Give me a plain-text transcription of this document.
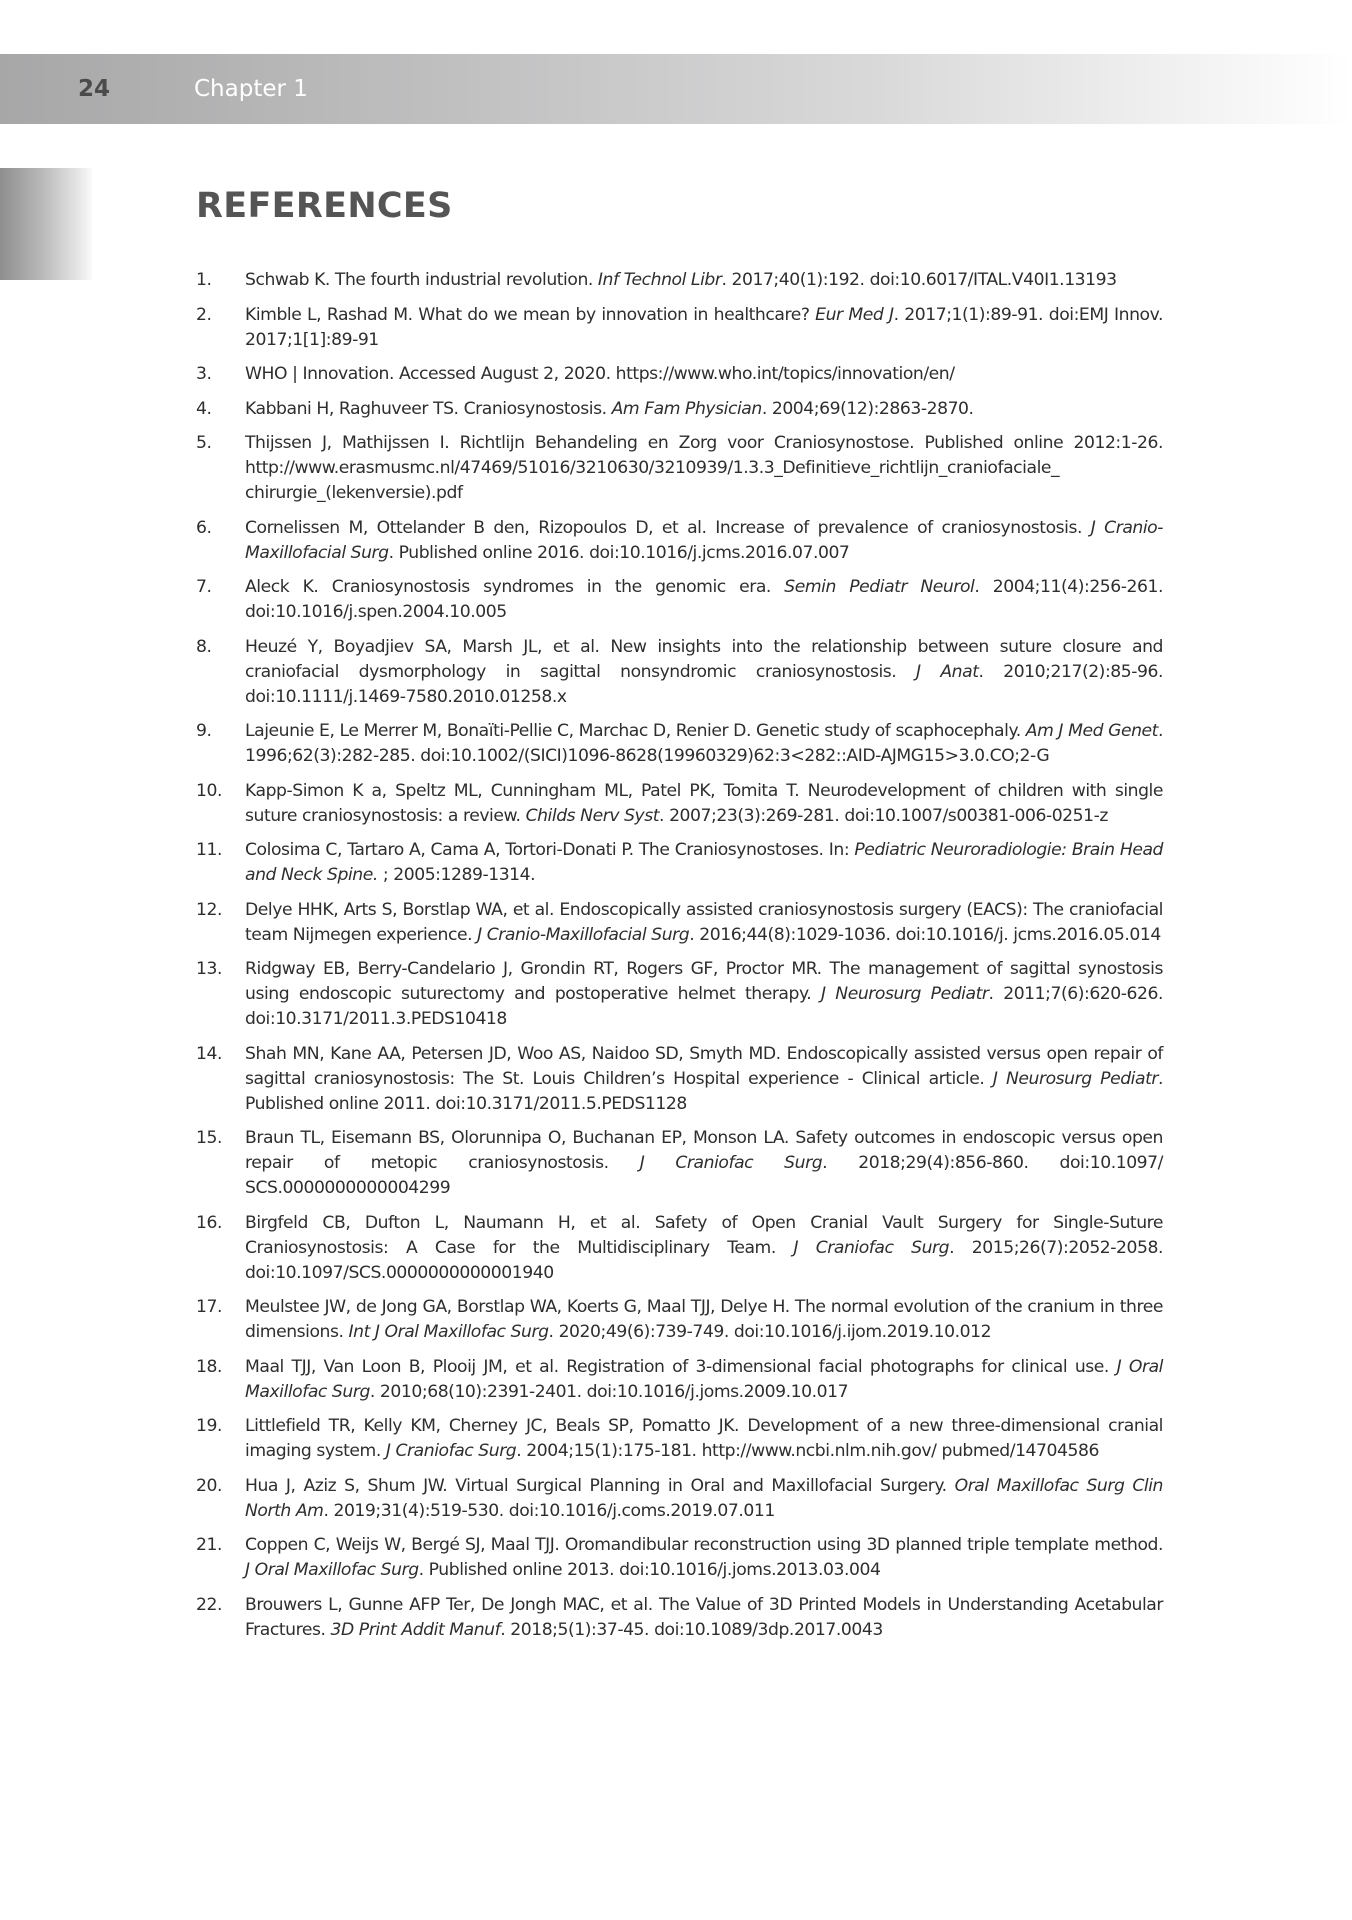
24	Chapter 1
REFERENCES
1. Schwab K. The fourth industrial revolution. Inf Technol Libr. 2017;40(1):192. doi:10.6017/ITAL.V40I1.13193
2. Kimble L, Rashad M. What do we mean by innovation in healthcare? Eur Med J. 2017;1(1):89-91. doi:EMJ Innov. 2017;1[1]:89-91
3. WHO | Innovation. Accessed August 2, 2020. https://www.who.int/topics/innovation/en/
4. Kabbani H, Raghuveer TS. Craniosynostosis. Am Fam Physician. 2004;69(12):2863-2870.
5. Thijssen J, Mathijssen I. Richtlijn Behandeling en Zorg voor Craniosynostose. Published online 2012:1-26. http://www.erasmusmc.nl/47469/51016/3210630/3210939/1.3.3_Definitieve_richtlijn_craniofaciale_ chirurgie_(lekenversie).pdf
6. Cornelissen M, Ottelander B den, Rizopoulos D, et al. Increase of prevalence of craniosynostosis. J Cranio-Maxillofacial Surg. Published online 2016. doi:10.1016/j.jcms.2016.07.007
7. Aleck K. Craniosynostosis syndromes in the genomic era. Semin Pediatr Neurol. 2004;11(4):256-261. doi:10.1016/j.spen.2004.10.005
8. Heuzé Y, Boyadjiev SA, Marsh JL, et al. New insights into the relationship between suture closure and craniofacial dysmorphology in sagittal nonsyndromic craniosynostosis. J Anat. 2010;217(2):85-96. doi:10.1111/j.1469-7580.2010.01258.x
9. Lajeunie E, Le Merrer M, Bonaïti-Pellie C, Marchac D, Renier D. Genetic study of scaphocephaly. Am J Med Genet. 1996;62(3):282-285. doi:10.1002/(SICI)1096-8628(19960329)62:3<282::AID-AJMG15>3.0.CO;2-G
10. Kapp-Simon K a, Speltz ML, Cunningham ML, Patel PK, Tomita T. Neurodevelopment of children with single suture craniosynostosis: a review. Childs Nerv Syst. 2007;23(3):269-281. doi:10.1007/s00381-006-0251-z
11. Colosima C, Tartaro A, Cama A, Tortori-Donati P. The Craniosynostoses. In: Pediatric Neuroradiologie: Brain Head and Neck Spine. ; 2005:1289-1314.
12. Delye HHK, Arts S, Borstlap WA, et al. Endoscopically assisted craniosynostosis surgery (EACS): The craniofacial team Nijmegen experience. J Cranio-Maxillofacial Surg. 2016;44(8):1029-1036. doi:10.1016/j. jcms.2016.05.014
13. Ridgway EB, Berry-Candelario J, Grondin RT, Rogers GF, Proctor MR. The management of sagittal synostosis using endoscopic suturectomy and postoperative helmet therapy. J Neurosurg Pediatr. 2011;7(6):620-626. doi:10.3171/2011.3.PEDS10418
14. Shah MN, Kane AA, Petersen JD, Woo AS, Naidoo SD, Smyth MD. Endoscopically assisted versus open repair of sagittal craniosynostosis: The St. Louis Children’s Hospital experience - Clinical article. J Neurosurg Pediatr. Published online 2011. doi:10.3171/2011.5.PEDS1128
15. Braun TL, Eisemann BS, Olorunnipa O, Buchanan EP, Monson LA. Safety outcomes in endoscopic versus open repair of metopic craniosynostosis. J Craniofac Surg. 2018;29(4):856-860. doi:10.1097/ SCS.0000000000004299
16. Birgfeld CB, Dufton L, Naumann H, et al. Safety of Open Cranial Vault Surgery for Single-Suture Craniosynostosis: A Case for the Multidisciplinary Team. J Craniofac Surg. 2015;26(7):2052-2058. doi:10.1097/SCS.0000000000001940
17. Meulstee JW, de Jong GA, Borstlap WA, Koerts G, Maal TJJ, Delye H. The normal evolution of the cranium in three dimensions. Int J Oral Maxillofac Surg. 2020;49(6):739-749. doi:10.1016/j.ijom.2019.10.012
18. Maal TJJ, Van Loon B, Plooij JM, et al. Registration of 3-dimensional facial photographs for clinical use. J Oral Maxillofac Surg. 2010;68(10):2391-2401. doi:10.1016/j.joms.2009.10.017
19. Littlefield TR, Kelly KM, Cherney JC, Beals SP, Pomatto JK. Development of a new three-dimensional cranial imaging system. J Craniofac Surg. 2004;15(1):175-181. http://www.ncbi.nlm.nih.gov/ pubmed/14704586
20. Hua J, Aziz S, Shum JW. Virtual Surgical Planning in Oral and Maxillofacial Surgery. Oral Maxillofac Surg Clin North Am. 2019;31(4):519-530. doi:10.1016/j.coms.2019.07.011
21. Coppen C, Weijs W, Bergé SJ, Maal TJJ. Oromandibular reconstruction using 3D planned triple template method. J Oral Maxillofac Surg. Published online 2013. doi:10.1016/j.joms.2013.03.004
22. Brouwers L, Gunne AFP Ter, De Jongh MAC, et al. The Value of 3D Printed Models in Understanding Acetabular Fractures. 3D Print Addit Manuf. 2018;5(1):37-45. doi:10.1089/3dp.2017.0043
